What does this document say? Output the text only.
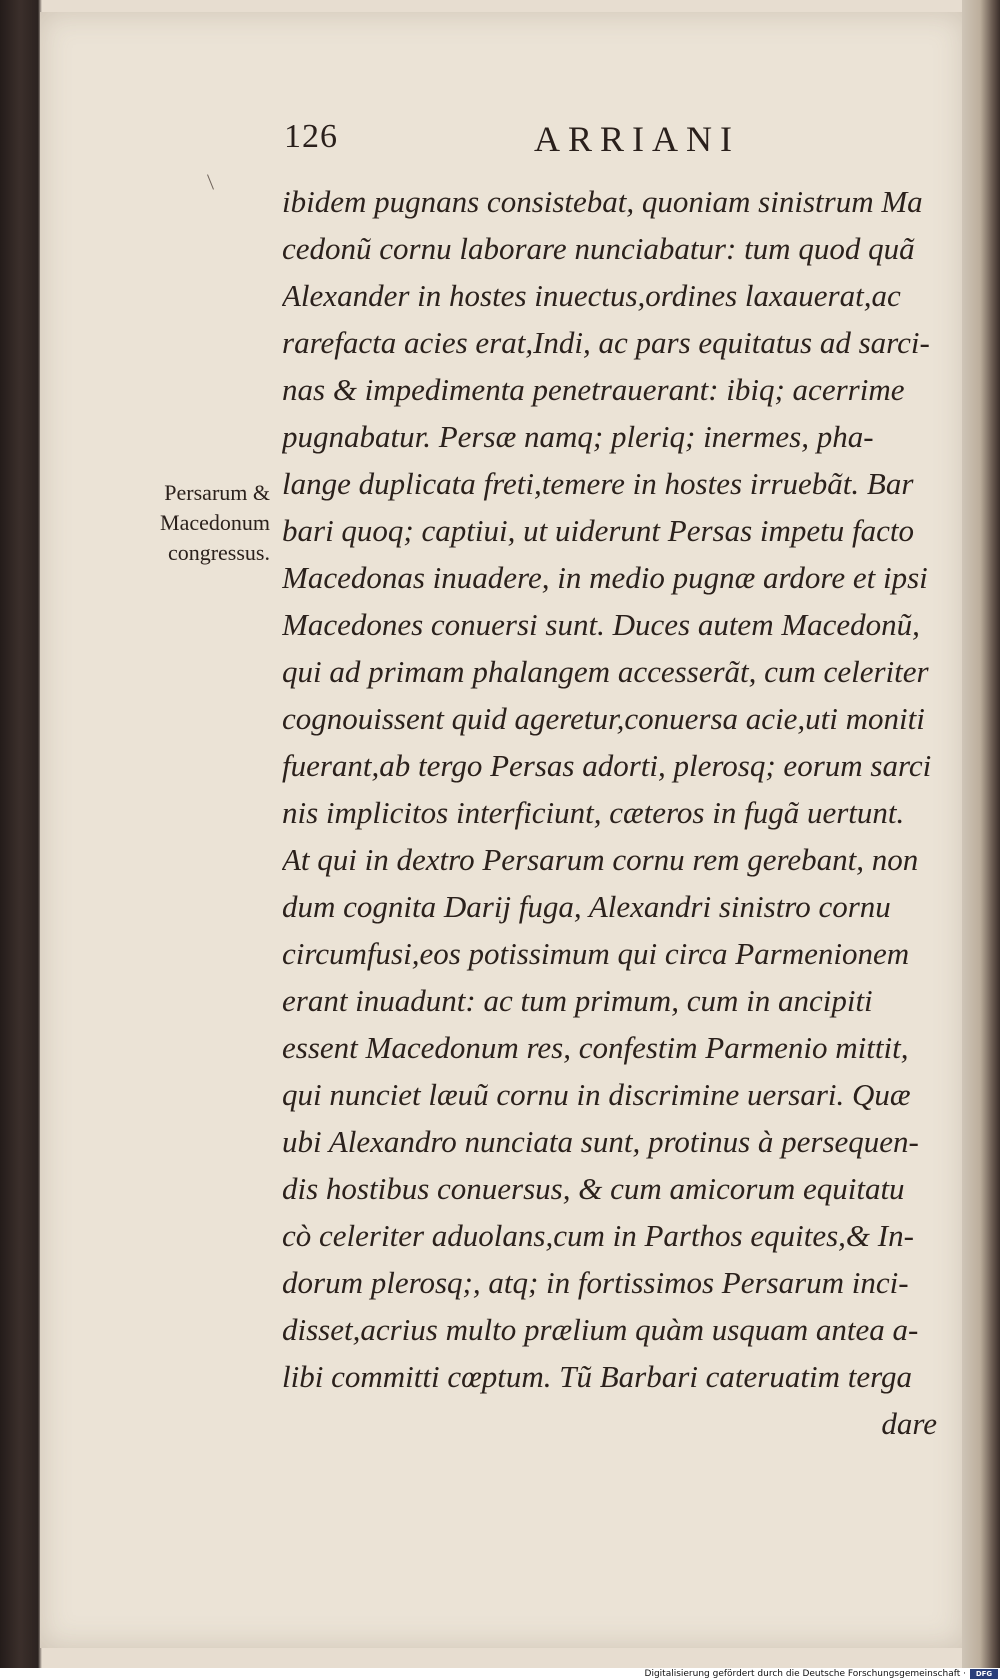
126	ARRIANI
ibidem pugnans consistebat, quoniam sinistrum Ma
cedonũ cornu laborare nunciabatur: tum quod quã
Alexander in hostes inuectus,ordines laxauerat,ac
rarefacta acies erat,Indi, ac pars equitatus ad sarci-
nas & impedimenta penetrauerant: ibiq; acerrime
pugnabatur. Persæ namq; pleriq; inermes, pha-
lange duplicata freti,temere in hostes irruebãt. Bar
bari quoq; captiui, ut uiderunt Persas impetu facto
Macedonas inuadere, in medio pugnæ ardore et ipsi
Macedones conuersi sunt. Duces autem Macedonũ,
qui ad primam phalangem accesserãt, cum celeriter
cognouissent quid ageretur,conuersa acie,uti moniti
fuerant,ab tergo Persas adorti, plerosq; eorum sarci
nis implicitos interficiunt, cæteros in fugã uertunt.
At qui in dextro Persarum cornu rem gerebant, non
dum cognita Darij fuga, Alexandri sinistro cornu
circumfusi,eos potissimum qui circa Parmenionem
erant inuadunt: ac tum primum, cum in ancipiti
essent Macedonum res, confestim Parmenio mittit,
qui nunciet læuũ cornu in discrimine uersari. Quæ
ubi Alexandro nunciata sunt, protinus à persequen-
dis hostibus conuersus, & cum amicorum equitatu
cò celeriter aduolans,cum in Parthos equites,& In-
dorum plerosq;, atq; in fortissimos Persarum inci-
disset,acrius multo prælium quàm usquam antea a-
libi committi cœptum. Tũ Barbari cateruatim terga
dare
Persarum &
Macedonum
congressus.
Digitalisierung gefördert durch die Deutsche Forschungsgemeinschaft ·	DFG
